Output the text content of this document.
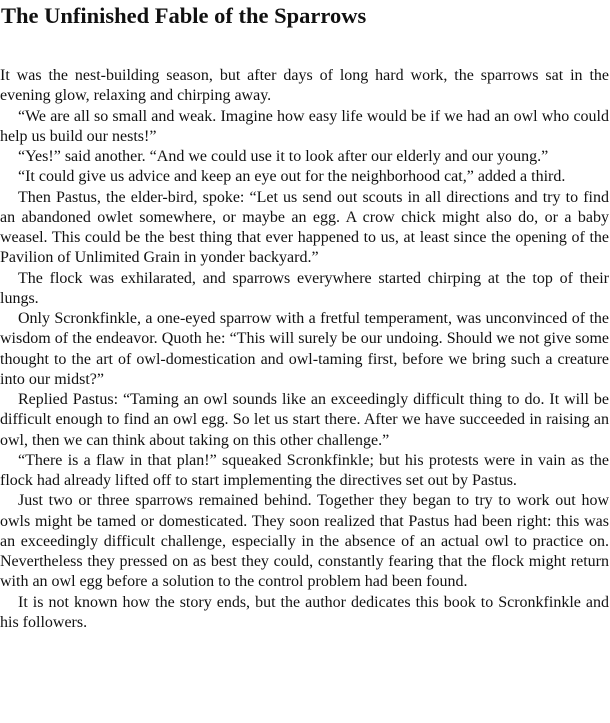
The Unfinished Fable of the Sparrows

It was the nest-building season, but after days of long hard work, the sparrows sat in the evening glow, relaxing and chirping away.

“We are all so small and weak. Imagine how easy life would be if we had an owl who could help us build our nests!”

“Yes!” said another. “And we could use it to look after our elderly and our young.”

“It could give us advice and keep an eye out for the neighborhood cat,” added a third.

Then Pastus, the elder-bird, spoke: “Let us send out scouts in all directions and try to find an abandoned owlet somewhere, or maybe an egg. A crow chick might also do, or a baby weasel. This could be the best thing that ever happened to us, at least since the opening of the Pavilion of Unlimited Grain in yonder backyard.”

The flock was exhilarated, and sparrows everywhere started chirping at the top of their lungs.

Only Scronkfinkle, a one-eyed sparrow with a fretful temperament, was unconvinced of the wisdom of the endeavor. Quoth he: “This will surely be our undoing. Should we not give some thought to the art of owl-domestication and owl-taming first, before we bring such a creature into our midst?”

Replied Pastus: “Taming an owl sounds like an exceedingly difficult thing to do. It will be difficult enough to find an owl egg. So let us start there. After we have succeeded in raising an owl, then we can think about taking on this other challenge.”

“There is a flaw in that plan!” squeaked Scronkfinkle; but his protests were in vain as the flock had already lifted off to start implementing the directives set out by Pastus.

Just two or three sparrows remained behind. Together they began to try to work out how owls might be tamed or domesticated. They soon realized that Pastus had been right: this was an exceedingly difficult challenge, especially in the absence of an actual owl to practice on. Nevertheless they pressed on as best they could, constantly fearing that the flock might return with an owl egg before a solution to the control problem had been found.

It is not known how the story ends, but the author dedicates this book to Scronkfinkle and his followers.
